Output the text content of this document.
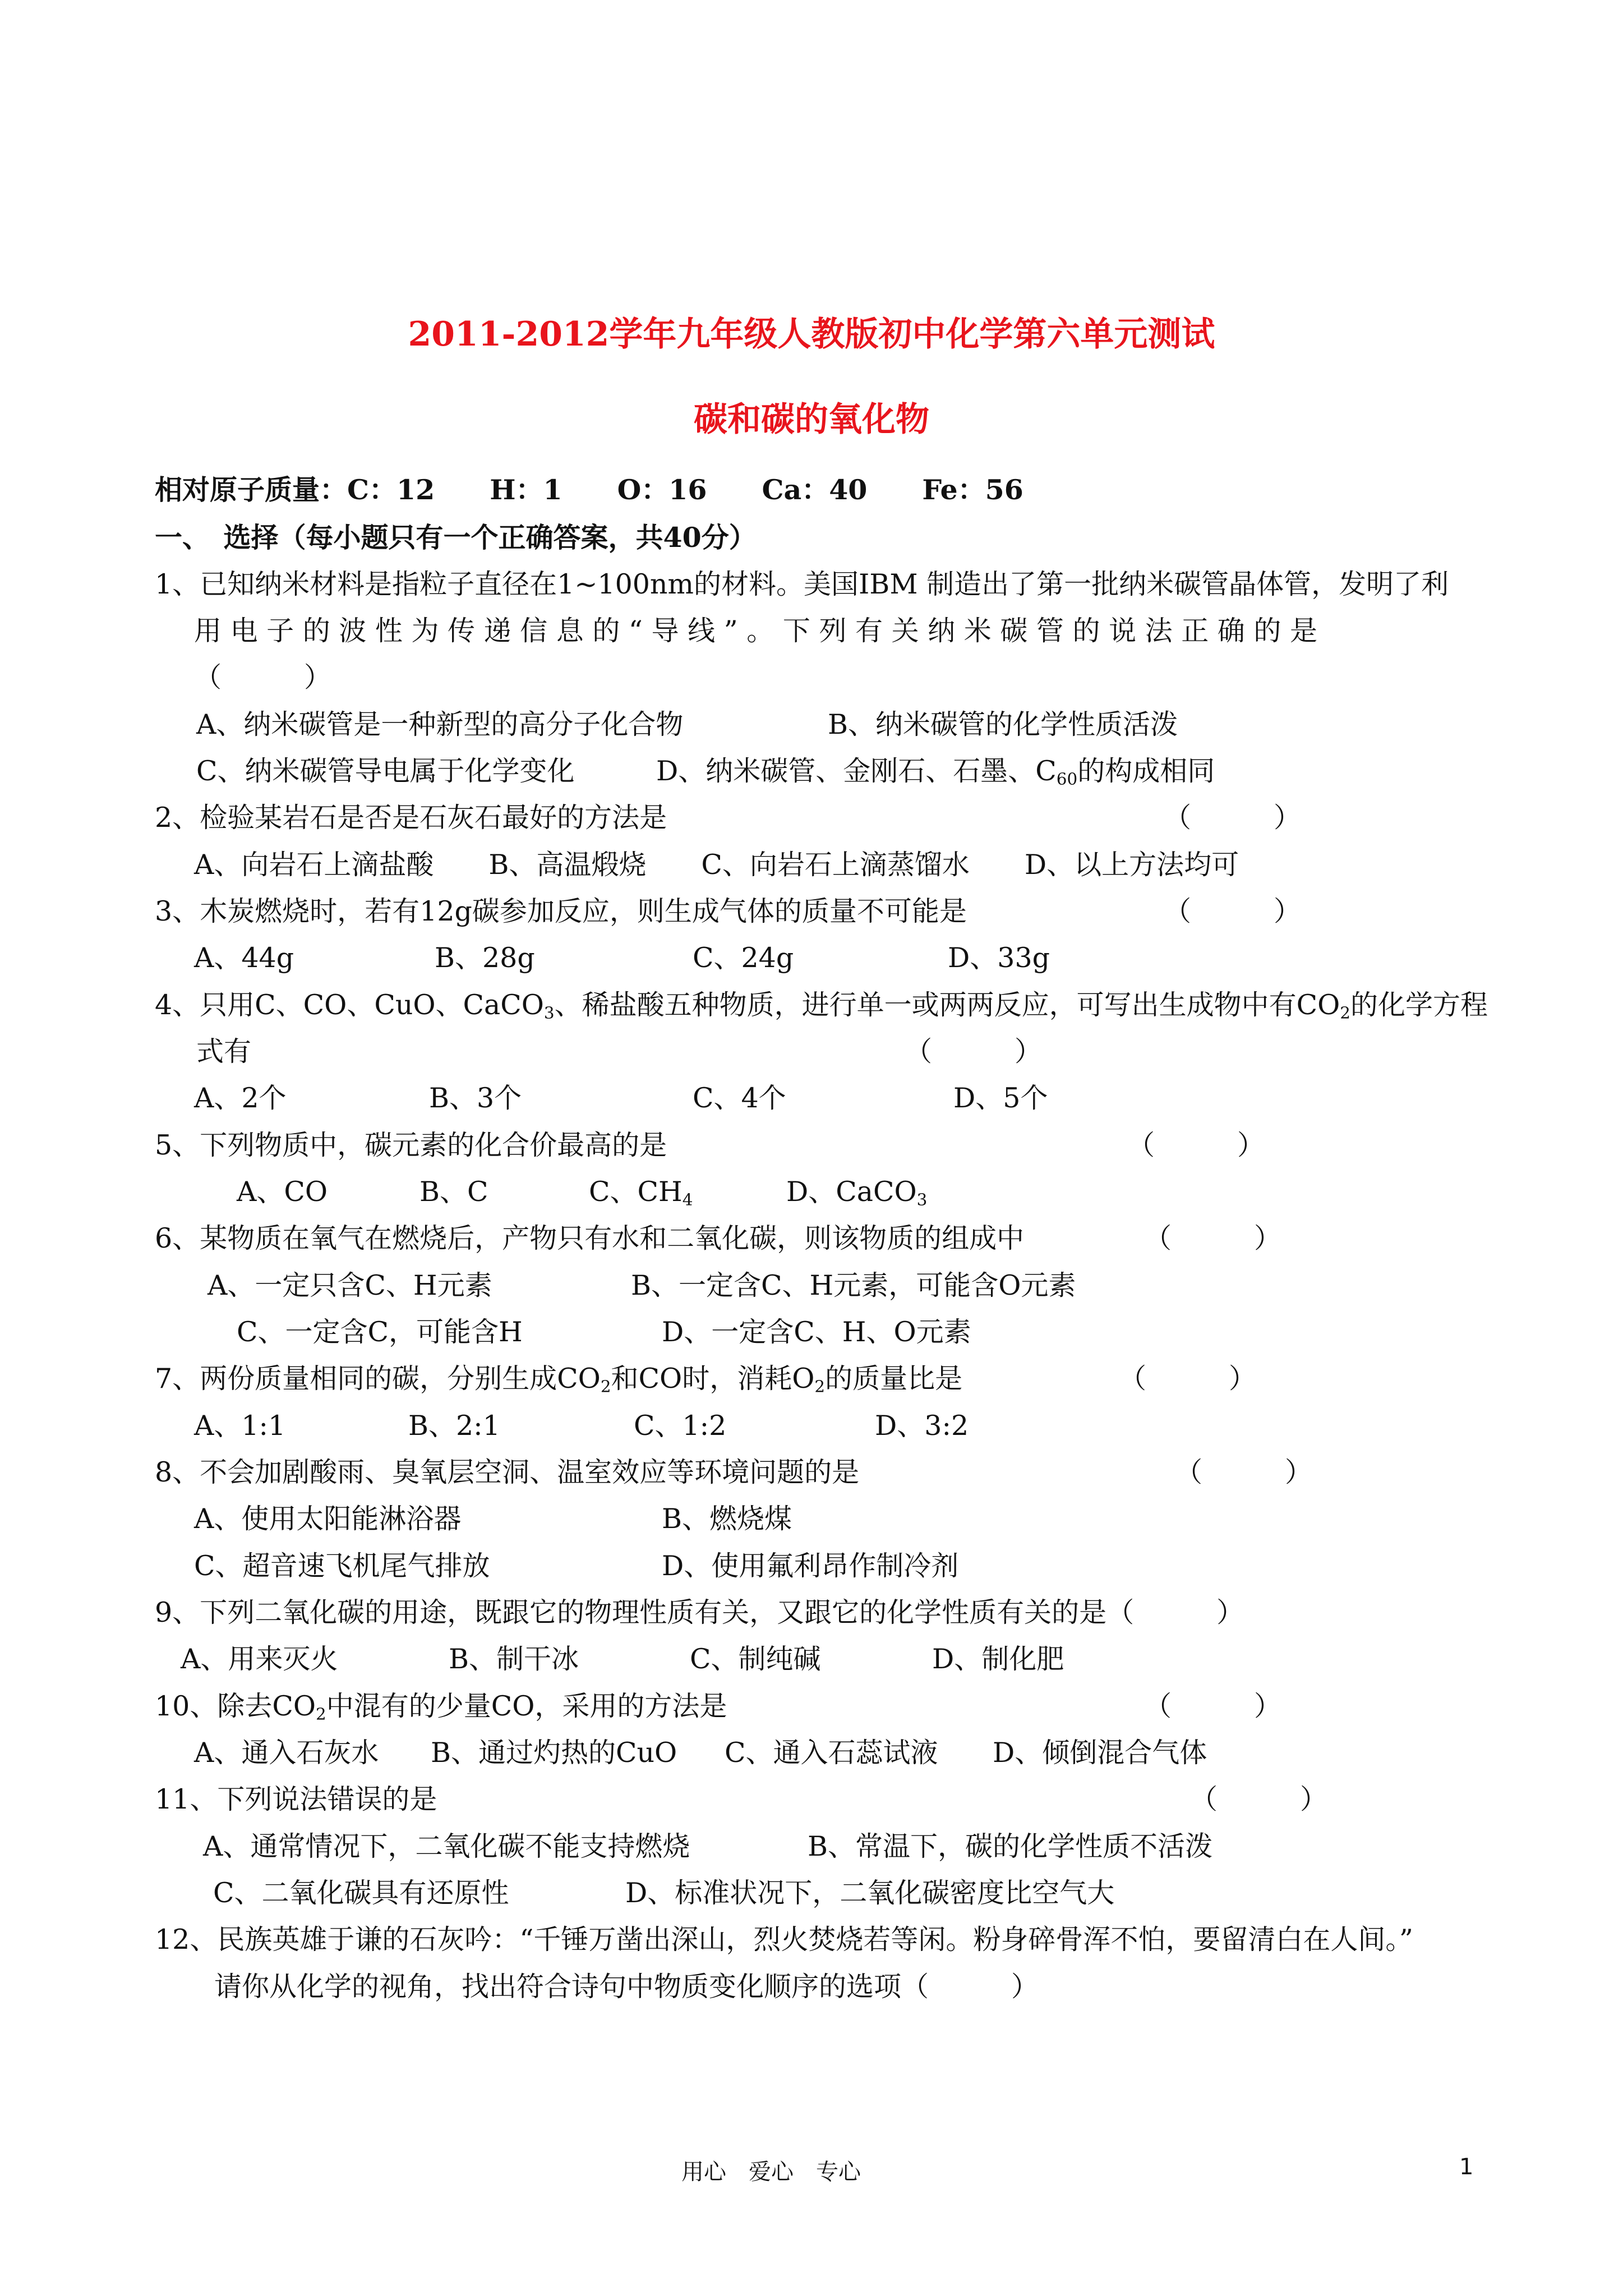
2011-2012学年九年级人教版初中化学第六单元测试
碳和碳的氧化物
相对原子质量：C：12　　H：1　　O：16　　Ca：40　　Fe：56
一、　选择（每小题只有一个正确答案，共40分）
1、已知纳米材料是指粒子直径在1~100nm的材料。美国IBM 制造出了第一批纳米碳管晶体管，发明了利
用 电 子 的 波 性 为 传 递 信 息 的 “ 导 线 ” 。 下 列 有 关 纳 米 碳 管 的 说 法 正 确 的 是
（　　　）
A、纳米碳管是一种新型的高分子化合物	B、纳米碳管的化学性质活泼
C、纳米碳管导电属于化学变化	D、纳米碳管、金刚石、石墨、$C_{60}$的构成相同
2、检验某岩石是否是石灰石最好的方法是	（　　　）
A、向岩石上滴盐酸　　B、高温煅烧　　C、向岩石上滴蒸馏水　　D、以上方法均可
3、木炭燃烧时，若有12g碳参加反应，则生成气体的质量不可能是	（　　　）
A、44g	B、28g	C、24g	D、33g
4、只用C、CO、CuO、CaCO$_3$、稀盐酸五种物质，进行单一或两两反应，可写出生成物中有$CO_2$的化学方程
式有	（　　　）
A、2个	B、3个	C、4个	D、5个
5、下列物质中，碳元素的化合价最高的是	（　　　）
A、CO	B、C	C、$CH_4$	D、CaCO$_3$
6、某物质在氧气在燃烧后，产物只有水和二氧化碳，则该物质的组成中	（　　　）
A、一定只含C、H元素	B、一定含C、H元素，可能含O元素
C、一定含C，可能含H	D、一定含C、H、O元素
7、两份质量相同的碳，分别生成$CO_2$和CO时，消耗$O_2$的质量比是	（　　　）
A、1:1	B、2:1	C、1:2	D、3:2
8、不会加剧酸雨、臭氧层空洞、温室效应等环境问题的是	（　　　）
A、使用太阳能淋浴器	B、燃烧煤
C、超音速飞机尾气排放	D、使用氟利昂作制冷剂
9、下列二氧化碳的用途，既跟它的物理性质有关，又跟它的化学性质有关的是（　　　）
A、用来灭火	B、制干冰	C、制纯碱	D、制化肥
10、除去$CO_2$中混有的少量CO，采用的方法是	（　　　）
A、通入石灰水 B、通过灼热的CuO C、通入石蕊试液 D、倾倒混合气体
11、下列说法错误的是	（　　　）
A、通常情况下，二氧化碳不能支持燃烧	B、常温下，碳的化学性质不活泼
C、二氧化碳具有还原性	D、标准状况下，二氧化碳密度比空气大
12、民族英雄于谦的石灰吟：“千锤万凿出深山，烈火焚烧若等闲。粉身碎骨浑不怕，要留清白在人间。”
请你从化学的视角，找出符合诗句中物质变化顺序的选项（　　　）
用心　爱心　专心	1
